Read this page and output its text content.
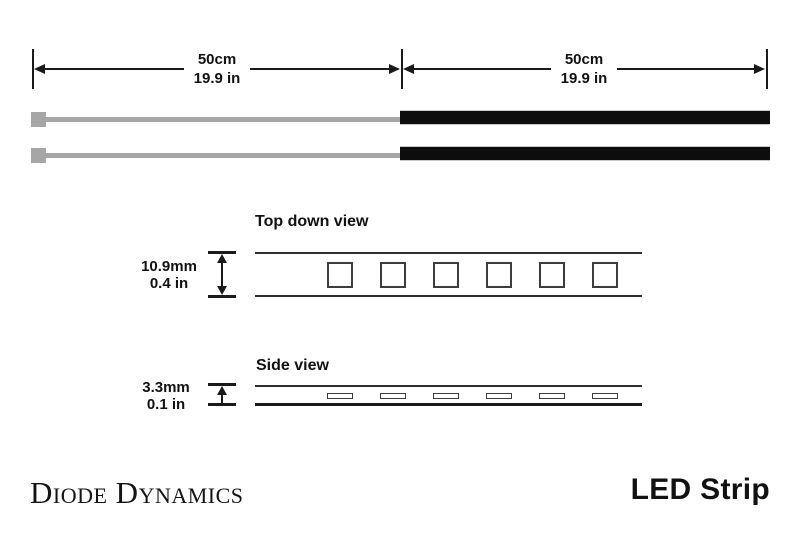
50cm
19.9 in
50cm
19.9 in
Top down view
10.9mm
0.4 in
Side view
3.3mm
0.1 in
Diode Dynamics	LED Strip
